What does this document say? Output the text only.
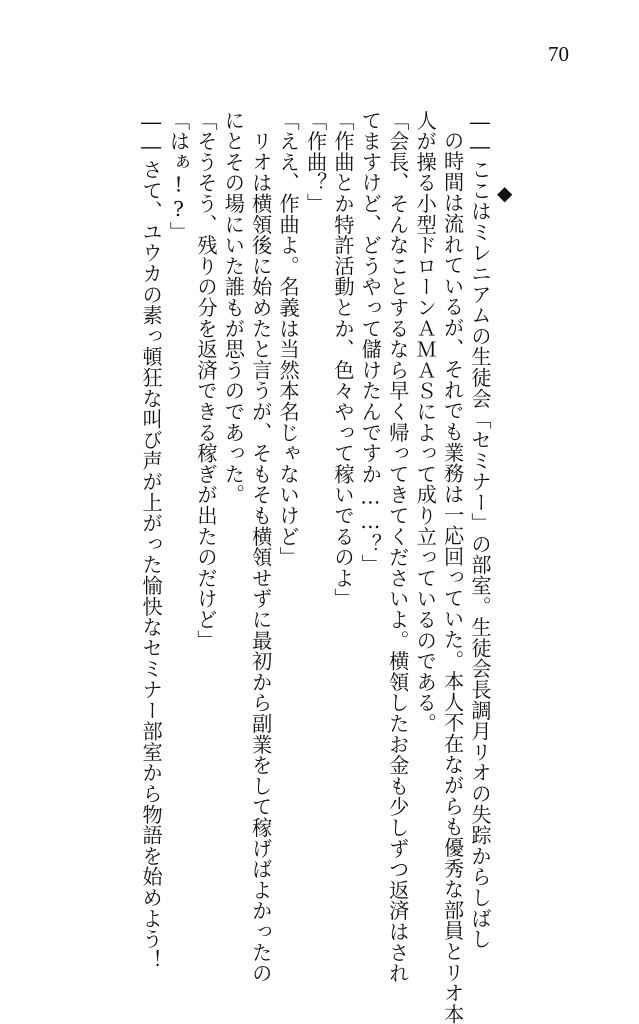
70
◆
――ここはミレニアムの生徒会「セミナー」の部室。生徒会長調月リオの失踪からしばし
の時間は流れているが、それでも業務は一応回っていた。本人不在ながらも優秀な部員とリオ本
人が操る小型ドローンＡＭＡＳによって成り立っているのである。
「会長、そんなことするなら早く帰ってきてくださいよ。横領したお金も少しずつ返済はされ
てますけど、どうやって儲けたんですか……？」
「作曲とか特許活動とか、色々やって稼いでるのよ」
「作曲？」
「ええ、作曲よ。名義は当然本名じゃないけど」
　リオは横領後に始めたと言うが、そもそも横領せずに最初から副業をして稼げばよかったの
にとその場にいた誰もが思うのであった。
「そうそう、残りの分を返済できる稼ぎが出たのだけど」
「はぁ!?」
――さて、ユウカの素っ頓狂な叫び声が上がった愉快なセミナー部室から物語を始めよう！
